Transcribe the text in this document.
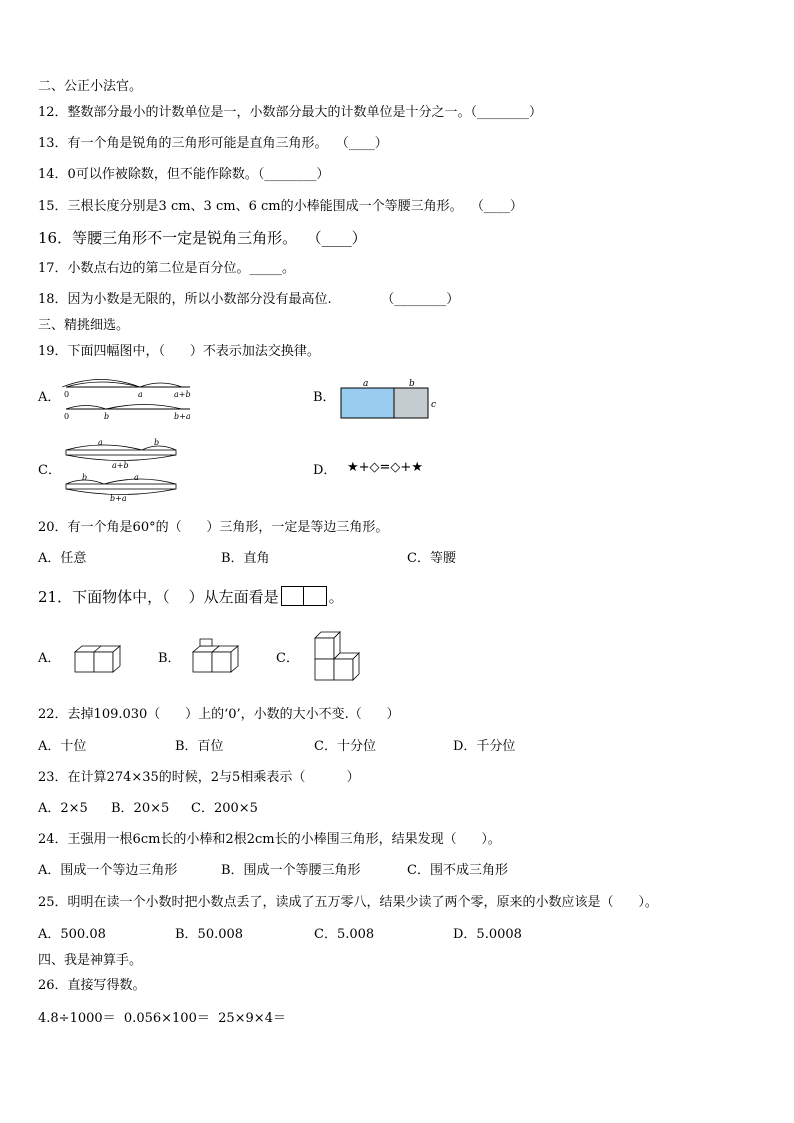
二、公正小法官。
12．整数部分最小的计数单位是一，小数部分最大的计数单位是十分之一。（________）
13．有一个角是锐角的三角形可能是直角三角形。  （____）
14．0可以作被除数，但不能作除数。（________）
15．三根长度分别是3 cm、3 cm、6 cm的小棒能围成一个等腰三角形。  （____）
16．等腰三角形不一定是锐角三角形。  （____）
17．小数点右边的第二位是百分位。_____。
18．因为小数是无限的，所以小数部分没有最高位.            （________）
三、精挑细选。
19．下面四幅图中，（      ）不表示加法交换律。
A． 0	a	a+b
0	b	b+a
B．
a	b
c
C．
a	b
a+b
b	a
b+a
D． ★+◇=◇+★
20．有一个角是60°的（      ）三角形，一定是等边三角形。
A．任意	B．直角	C．等腰
21．下面物体中，（    ）从左面看是	。
A．	B．	C．
22．去掉109.030（      ）上的‘0’，小数的大小不变.（      ）
A．十位	B．百位	C．十分位	D．千分位
23．在计算274×35的时候，2与5相乘表示（          ）
A．2×5 B．20×5 C．200×5
24．王强用一根6cm长的小棒和2根2cm长的小棒围三角形，结果发现（      ）。
A．围成一个等边三角形	B．围成一个等腰三角形	C．围不成三角形
25．明明在读一个小数时把小数点丢了，读成了五万零八，结果少读了两个零，原来的小数应该是（      ）。
A．500.08	B．50.008	C．5.008	D．5.0008
四、我是神算手。
26．直接写得数。
4.8÷1000＝  0.056×100＝  25×9×4＝
